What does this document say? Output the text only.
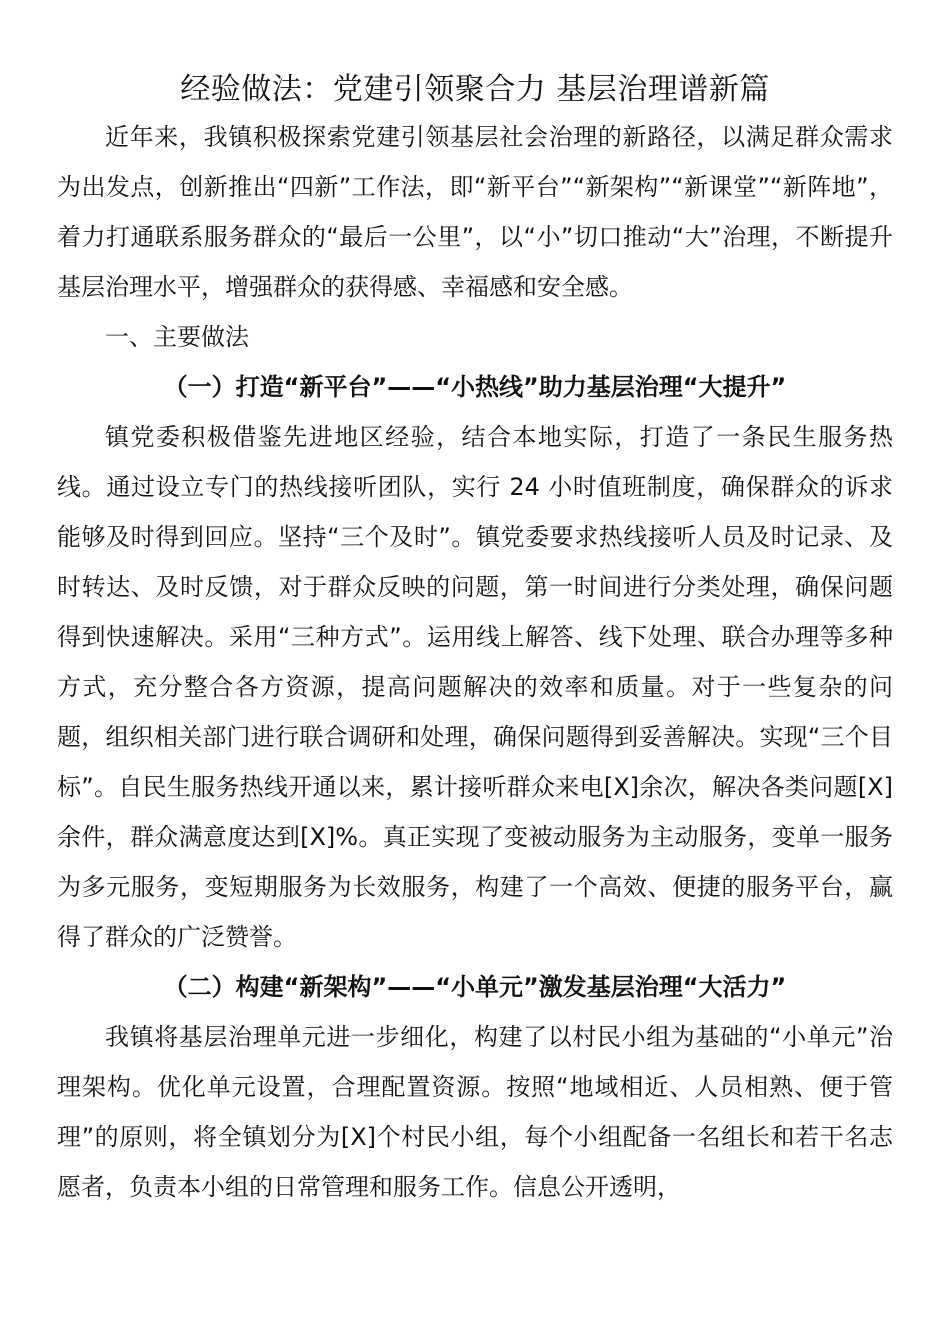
经验做法：党建引领聚合力 基层治理谱新篇

近年来，我镇积极探索党建引领基层社会治理的新路径，以满足群众需求为出发点，创新推出“四新”工作法，即“新平台”“新架构”“新课堂”“新阵地”，着力打通联系服务群众的“最后一公里”，以“小”切口推动“大”治理，不断提升基层治理水平，增强群众的获得感、幸福感和安全感。

一、主要做法

（一）打造“新平台”——“小热线”助力基层治理“大提升”

镇党委积极借鉴先进地区经验，结合本地实际，打造了一条民生服务热线。通过设立专门的热线接听团队，实行 24 小时值班制度，确保群众的诉求能够及时得到回应。坚持“三个及时”。镇党委要求热线接听人员及时记录、及时转达、及时反馈，对于群众反映的问题，第一时间进行分类处理，确保问题得到快速解决。采用“三种方式”。运用线上解答、线下处理、联合办理等多种方式，充分整合各方资源，提高问题解决的效率和质量。对于一些复杂的问题，组织相关部门进行联合调研和处理，确保问题得到妥善解决。实现“三个目标”。自民生服务热线开通以来，累计接听群众来电[X]余次，解决各类问题[X]余件，群众满意度达到[X]%。真正实现了变被动服务为主动服务，变单一服务为多元服务，变短期服务为长效服务，构建了一个高效、便捷的服务平台，赢得了群众的广泛赞誉。

（二）构建“新架构”——“小单元”激发基层治理“大活力”

我镇将基层治理单元进一步细化，构建了以村民小组为基础的“小单元”治理架构。优化单元设置，合理配置资源。按照“地域相近、人员相熟、便于管理”的原则，将全镇划分为[X]个村民小组，每个小组配备一名组长和若干名志愿者，负责本小组的日常管理和服务工作。信息公开透明，
